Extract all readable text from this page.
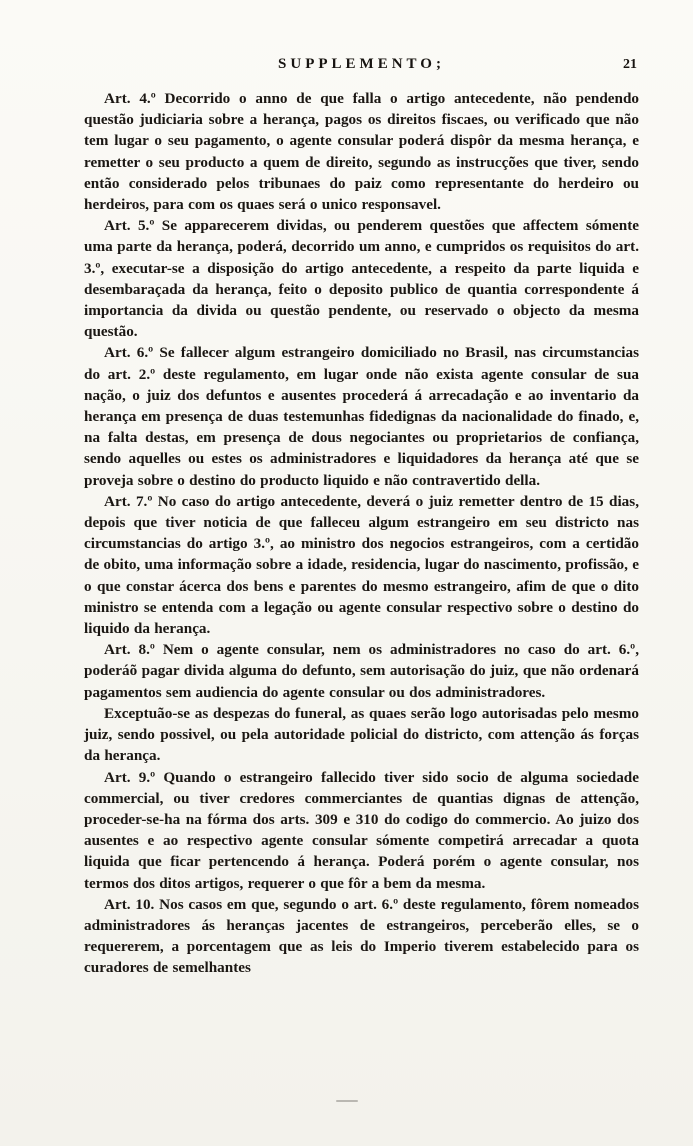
SUPPLEMENTO;	21

Art. 4.º Decorrido o anno de que falla o artigo antecedente, não pendendo questão judiciaria sobre a herança, pagos os direitos fiscaes, ou verificado que não tem lugar o seu pagamento, o agente consular poderá dispôr da mesma herança, e remetter o seu producto a quem de direito, segundo as instrucções que tiver, sendo então considerado pelos tribunaes do paiz como representante do herdeiro ou herdeiros, para com os quaes será o unico responsavel.

Art. 5.º Se apparecerem dividas, ou penderem questões que affectem sómente uma parte da herança, poderá, decorrido um anno, e cumpridos os requisitos do art. 3.º, executar-se a disposição do artigo antecedente, a respeito da parte liquida e desembaraçada da herança, feito o deposito publico de quantia correspondente á importancia da divida ou questão pendente, ou reservado o objecto da mesma questão.

Art. 6.º Se fallecer algum estrangeiro domiciliado no Brasil, nas circumstancias do art. 2.º deste regulamento, em lugar onde não exista agente consular de sua nação, o juiz dos defuntos e ausentes procederá á arrecadação e ao inventario da herança em presença de duas testemunhas fidedignas da nacionalidade do finado, e, na falta destas, em presença de dous negociantes ou proprietarios de confiança, sendo aquelles ou estes os administradores e liquidadores da herança até que se proveja sobre o destino do producto liquido e não contravertido della.

Art. 7.º No caso do artigo antecedente, deverá o juiz remetter dentro de 15 dias, depois que tiver noticia de que falleceu algum estrangeiro em seu districto nas circumstancias do artigo 3.º, ao ministro dos negocios estrangeiros, com a certidão de obito, uma informação sobre a idade, residencia, lugar do nascimento, profissão, e o que constar ácerca dos bens e parentes do mesmo estrangeiro, afim de que o dito ministro se entenda com a legação ou agente consular respectivo sobre o destino do liquido da herança.

Art. 8.º Nem o agente consular, nem os administradores no caso do art. 6.º, poderáõ pagar divida alguma do defunto, sem autorisação do juiz, que não ordenará pagamentos sem audiencia do agente consular ou dos administradores.

Exceptuão-se as despezas do funeral, as quaes serão logo autorisadas pelo mesmo juiz, sendo possivel, ou pela autoridade policial do districto, com attenção ás forças da herança.

Art. 9.º Quando o estrangeiro fallecido tiver sido socio de alguma sociedade commercial, ou tiver credores commerciantes de quantias dignas de attenção, proceder-se-ha na fórma dos arts. 309 e 310 do codigo do commercio. Ao juizo dos ausentes e ao respectivo agente consular sómente competirá arrecadar a quota liquida que ficar pertencendo á herança. Poderá porém o agente consular, nos termos dos ditos artigos, requerer o que fôr a bem da mesma.

Art. 10. Nos casos em que, segundo o art. 6.º deste regulamento, fôrem nomeados administradores ás heranças jacentes de estrangeiros, perceberão elles, se o requererem, a porcentagem que as leis do Imperio tiverem estabelecido para os curadores de semelhantes
